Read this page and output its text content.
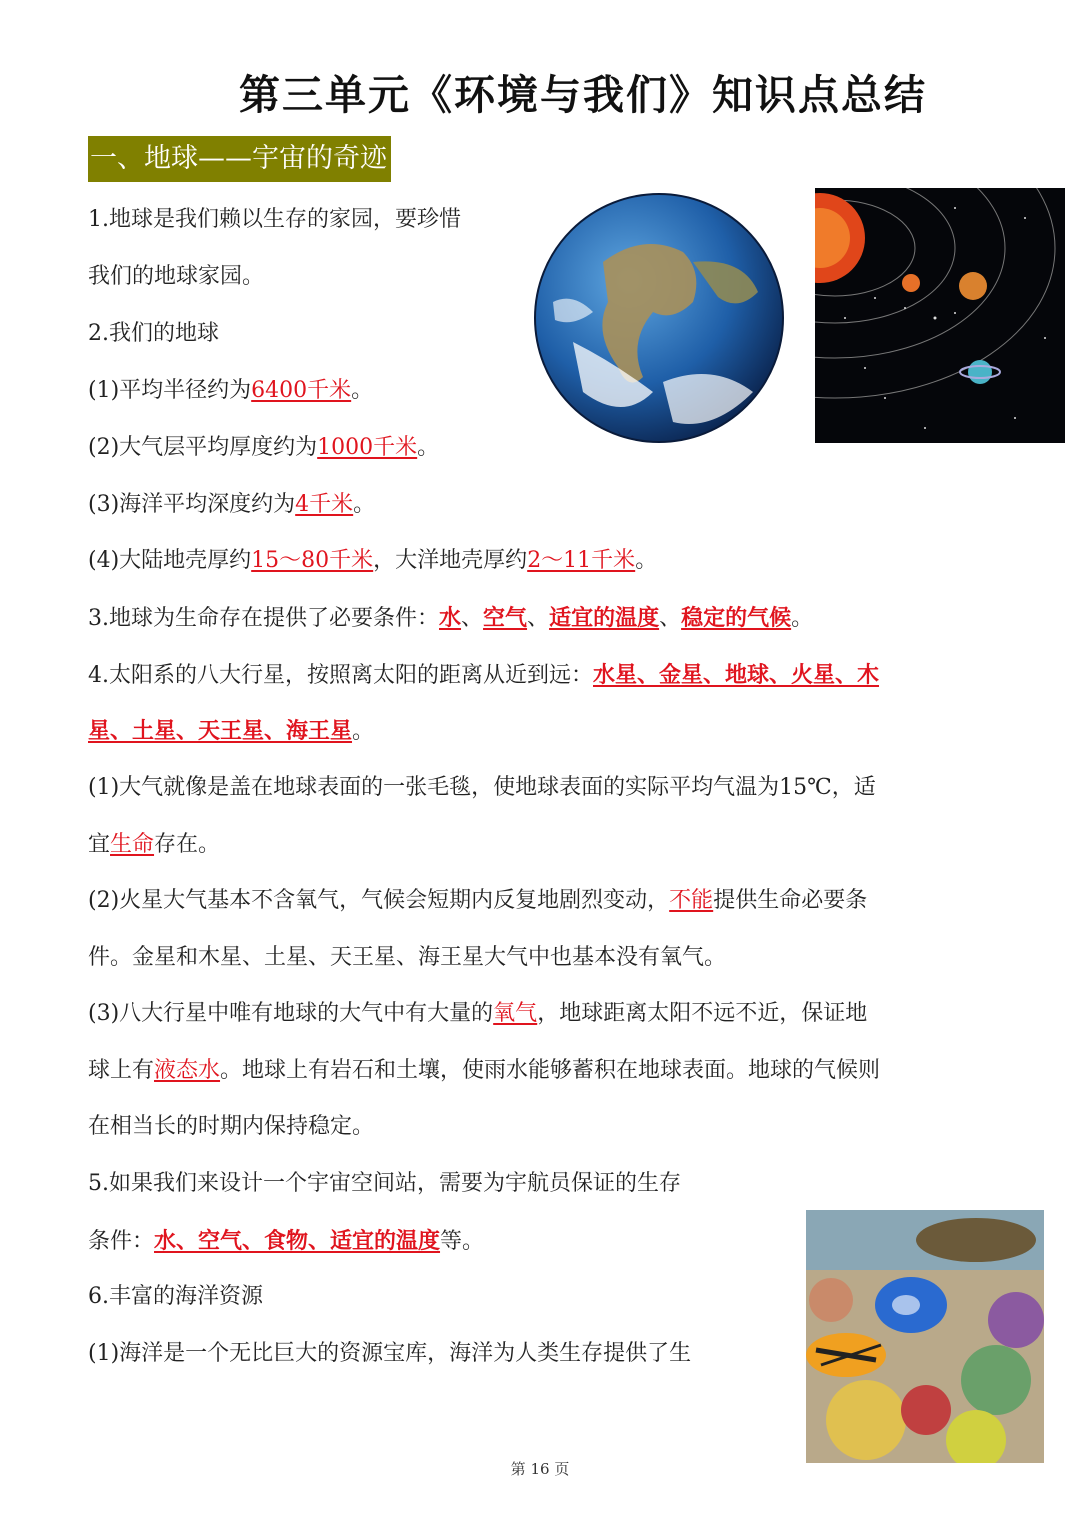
第三单元《环境与我们》知识点总结
一、地球——宇宙的奇迹
1.地球是我们赖以生存的家园，要珍惜
我们的地球家园。
2.我们的地球
(1)平均半径约为6400千米。
(2)大气层平均厚度约为1000千米。
(3)海洋平均深度约为4千米。
(4)大陆地壳厚约15～80千米，大洋地壳厚约2～11千米。
3.地球为生命存在提供了必要条件：水、空气、适宜的温度、稳定的气候。
4.太阳系的八大行星，按照离太阳的距离从近到远：水星、金星、地球、火星、木
星、土星、天王星、海王星。
(1)大气就像是盖在地球表面的一张毛毯，使地球表面的实际平均气温为15℃，适
宜生命存在。
(2)火星大气基本不含氧气，气候会短期内反复地剧烈变动，不能提供生命必要条
件。金星和木星、土星、天王星、海王星大气中也基本没有氧气。
(3)八大行星中唯有地球的大气中有大量的氧气，地球距离太阳不远不近，保证地
球上有液态水。地球上有岩石和土壤，使雨水能够蓄积在地球表面。地球的气候则
在相当长的时期内保持稳定。
5.如果我们来设计一个宇宙空间站，需要为宇航员保证的生存
条件：水、空气、食物、适宜的温度等。
6.丰富的海洋资源
(1)海洋是一个无比巨大的资源宝库，海洋为人类生存提供了生
第 16 页
